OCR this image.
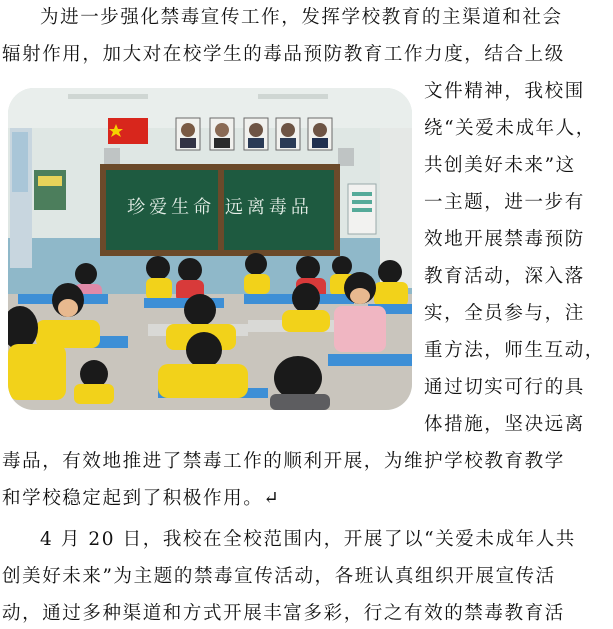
为进一步强化禁毒宣传工作，发挥学校教育的主渠道和社会
辐射作用，加大对在校学生的毒品预防教育工作力度，结合上级
珍爱生命 远离毒品
文件精神，我校围
绕“关爱未成年人，
共创美好未来”这
一主题，进一步有
效地开展禁毒预防
教育活动，深入落
实，全员参与，注
重方法，师生互动，
通过切实可行的具
体措施，坚决远离
毒品，有效地推进了禁毒工作的顺利开展，为维护学校教育教学
和学校稳定起到了积极作用。↵
4 月 20 日，我校在全校范围内，开展了以“关爱未成年人共
创美好未来”为主题的禁毒宣传活动，各班认真组织开展宣传活
动，通过多种渠道和方式开展丰富多彩，行之有效的禁毒教育活
